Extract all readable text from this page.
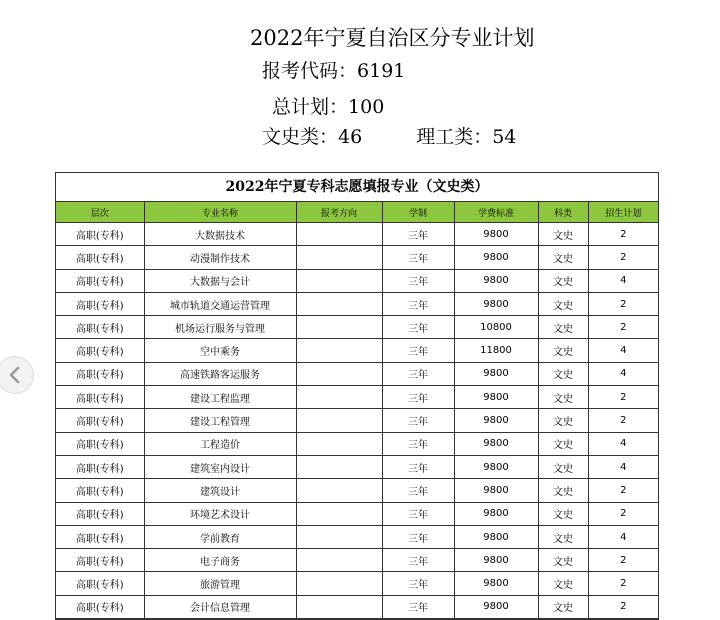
2022年宁夏自治区分专业计划
报考代码：6191
总计划：100
文史类：46	理工类：54
2022年宁夏专科志愿填报专业（文史类）
层次	专业名称	报考方向	学制	学费标准	科类	招生计划
高职(专科)	大数据技术		三年	9800	文史	2
高职(专科)	动漫制作技术		三年	9800	文史	2
高职(专科)	大数据与会计		三年	9800	文史	4
高职(专科)	城市轨道交通运营管理		三年	9800	文史	2
高职(专科)	机场运行服务与管理		三年	10800	文史	2
高职(专科)	空中乘务		三年	11800	文史	4
高职(专科)	高速铁路客运服务		三年	9800	文史	4
高职(专科)	建设工程监理		三年	9800	文史	2
高职(专科)	建设工程管理		三年	9800	文史	2
高职(专科)	工程造价		三年	9800	文史	4
高职(专科)	建筑室内设计		三年	9800	文史	4
高职(专科)	建筑设计		三年	9800	文史	2
高职(专科)	环境艺术设计		三年	9800	文史	2
高职(专科)	学前教育		三年	9800	文史	4
高职(专科)	电子商务		三年	9800	文史	2
高职(专科)	旅游管理		三年	9800	文史	2
高职(专科)	会计信息管理		三年	9800	文史	2
